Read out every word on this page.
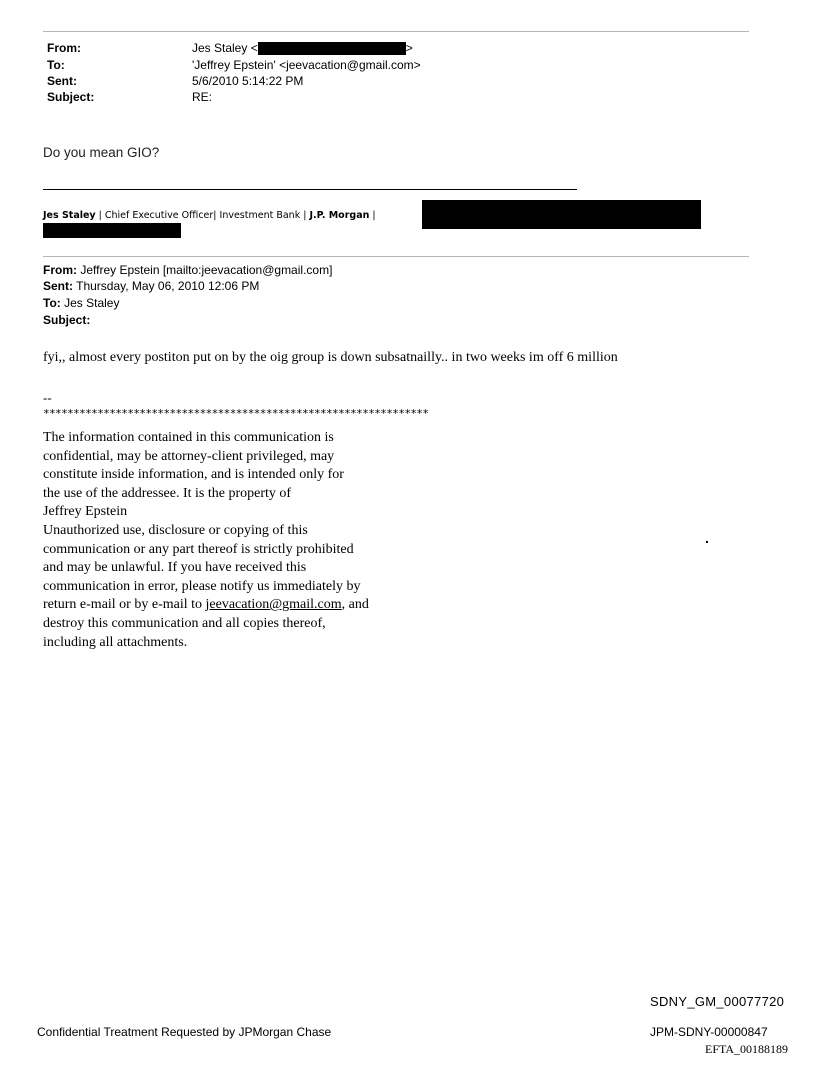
From:	Jes Staley <	>
To:	'Jeffrey Epstein' <jeevacation@gmail.com>
Sent:	5/6/2010 5:14:22 PM
Subject:	RE:
Do you mean GIO?
Jes Staley | Chief Executive Officer| Investment Bank | J.P. Morgan |
From: Jeffrey Epstein [mailto:jeevacation@gmail.com]
Sent: Thursday, May 06, 2010 12:06 PM
To: Jes Staley
Subject:
fyi,, almost every postiton put on by the oig group is down subsatnailly.. in two weeks im off 6 million
--
****************************************************************

The information contained in this communication is

confidential, may be attorney-client privileged, may

constitute inside information, and is intended only for

the use of the addressee. It is the property of

Jeffrey Epstein

Unauthorized use, disclosure or copying of this

communication or any part thereof is strictly prohibited

and may be unlawful. If you have received this

communication in error, please notify us immediately by

return e-mail or by e-mail to jeevacation@gmail.com, and

destroy this communication and all copies thereof,

including all attachments.

.
SDNY_GM_00077720
Confidential Treatment Requested by JPMorgan Chase	JPM-SDNY-00000847
EFTA_00188189
